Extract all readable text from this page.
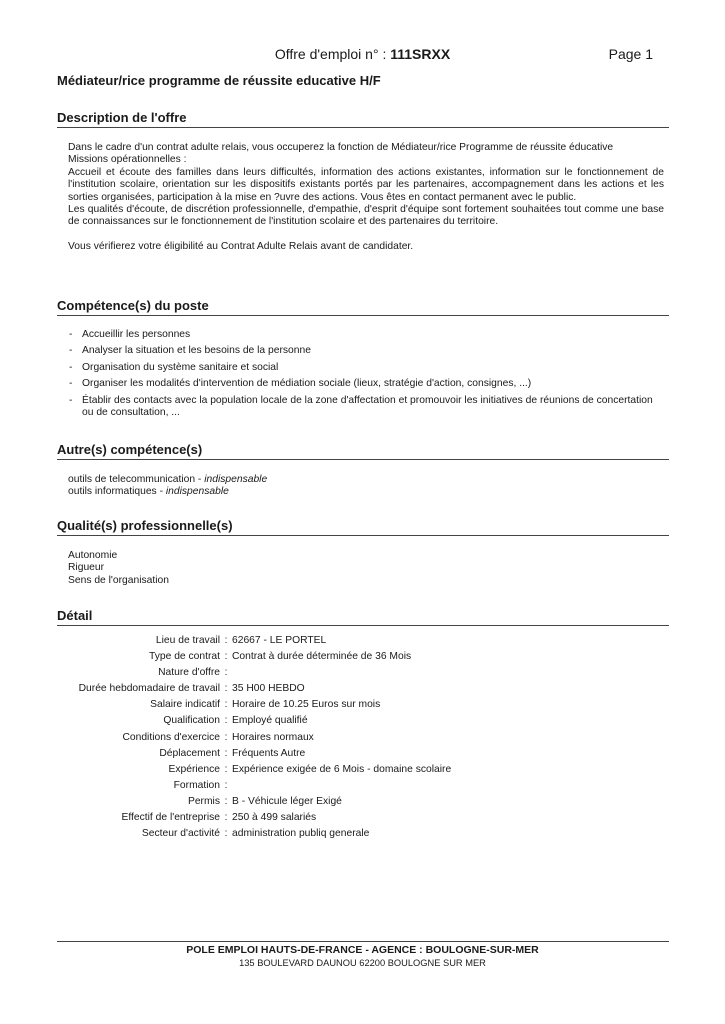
Offre d'emploi n° : 111SRXX	Page 1
Médiateur/rice programme de réussite educative H/F
Description de l'offre

Dans le cadre d'un contrat adulte relais, vous occuperez la fonction de Médiateur/rice Programme de réussite éducative

Missions opérationnelles :

Accueil et écoute des familles dans leurs difficultés, information des actions existantes, information sur le fonctionnement de l'institution scolaire, orientation sur les dispositifs existants portés par les partenaires, accompagnement dans les actions et les sorties organisées, participation à la mise en ?uvre des actions. Vous êtes en contact permanent avec le public.

Les qualités d'écoute, de discrétion professionnelle, d'empathie, d'esprit d'équipe sont fortement souhaitées tout comme une base de connaissances sur le fonctionnement de l'institution scolaire et des partenaires du territoire.

Vous vérifierez votre éligibilité au Contrat Adulte Relais avant de candidater.

Compétence(s) du poste
- Accueillir les personnes
- Analyser la situation et les besoins de la personne
- Organisation du système sanitaire et social
- Organiser les modalités d'intervention de médiation sociale (lieux, stratégie d'action, consignes, ...)
- Établir des contacts avec la population locale de la zone d'affectation et promouvoir les initiatives de réunions de concertation ou de consultation, ...
Autre(s) compétence(s)
outils de telecommunication - indispensable
outils informatiques - indispensable
Qualité(s) professionnelle(s)
Autonomie
Rigueur
Sens de l'organisation
Détail
Lieu de travail : 62667 - LE PORTEL
Type de contrat : Contrat à durée déterminée de 36 Mois
Nature d'offre :
Durée hebdomadaire de travail : 35 H00 HEBDO
Salaire indicatif : Horaire de 10.25 Euros sur mois
Qualification : Employé qualifié
Conditions d'exercice : Horaires normaux
Déplacement : Fréquents Autre
Expérience : Expérience exigée de 6 Mois - domaine scolaire
Formation :
Permis : B - Véhicule léger Exigé
Effectif de l'entreprise : 250 à 499 salariés
Secteur d'activité : administration publiq generale
POLE EMPLOI HAUTS-DE-FRANCE - AGENCE : BOULOGNE-SUR-MER
135 BOULEVARD DAUNOU 62200 BOULOGNE SUR MER
